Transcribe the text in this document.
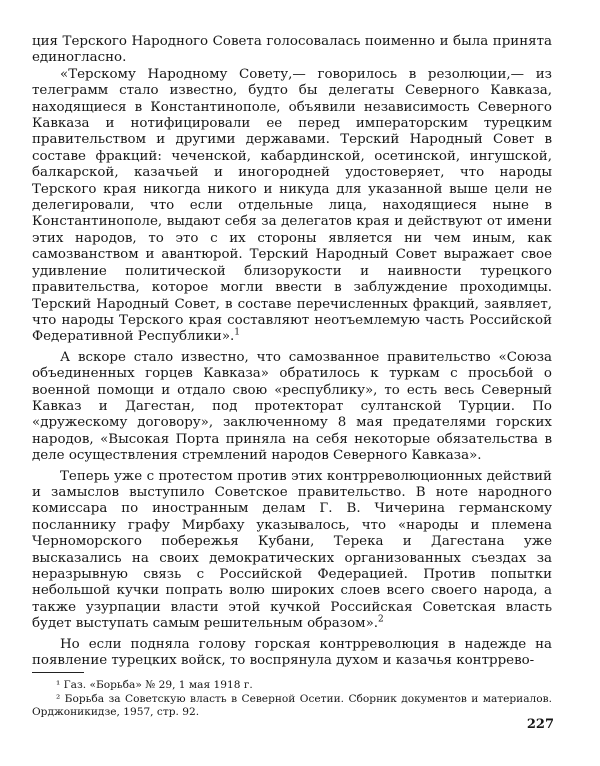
ция Терского Народного Совета голосовалась поименно и была принята единогласно.

«Терскому Народному Совету,— говорилось в резолюции,— из телеграмм стало известно, будто бы делегаты Северного Кавказа, находящиеся в Константинополе, объявили независимость Северного Кавказа и нотифицировали ее перед императорским турецким правительством и другими державами. Терский Народный Совет в составе фракций: чеченской, кабардинской, осетинской, ингушской, балкарской, казачьей и иногородней удостоверяет, что народы Терского края никогда никого и никуда для указанной выше цели не делегировали, что если отдельные лица, находящиеся ныне в Константинополе, выдают себя за делегатов края и действуют от имени этих народов, то это с их стороны является ни чем иным, как самозванством и авантюрой. Терский Народный Совет выражает свое удивление политической близорукости и наивности турецкого правительства, которое могли ввести в заблуждение проходимцы. Терский Народный Совет, в составе перечисленных фракций, заявляет, что народы Терского края составляют неотъемлемую часть Российской Федеративной Республики».$^1$

А вскоре стало известно, что самозванное правительство «Союза объединенных горцев Кавказа» обратилось к туркам с просьбой о военной помощи и отдало свою «республику», то есть весь Северный Кавказ и Дагестан, под протекторат султанской Турции. По «дружескому договору», заключенному 8 мая предателями горских народов, «Высокая Порта приняла на себя некоторые обязательства в деле осуществления стремлений народов Северного Кавказа».

Теперь уже с протестом против этих контрреволюционных действий и замыслов выступило Советское правительство. В ноте народного комиссара по иностранным делам Г. В. Чичерина германскому посланнику графу Мирбаху указывалось, что «народы и племена Черноморского побережья Кубани, Терека и Дагестана уже высказались на своих демократических организованных съездах за неразрывную связь с Российской Федерацией. Против попытки небольшой кучки попрать волю широких слоев всего своего народа, а также узурпации власти этой кучкой Российская Советская власть будет выступать самым решительным образом».$^2$

Но если подняла голову горская контрреволюция в надежде на появление турецких войск, то воспрянула духом и казачья контррево-

¹ Газ. «Борьба» № 29, 1 мая 1918 г.

² Борьба за Советскую власть в Северной Осетии. Сборник документов и материалов. Орджоникидзе, 1957, стр. 92.

227
